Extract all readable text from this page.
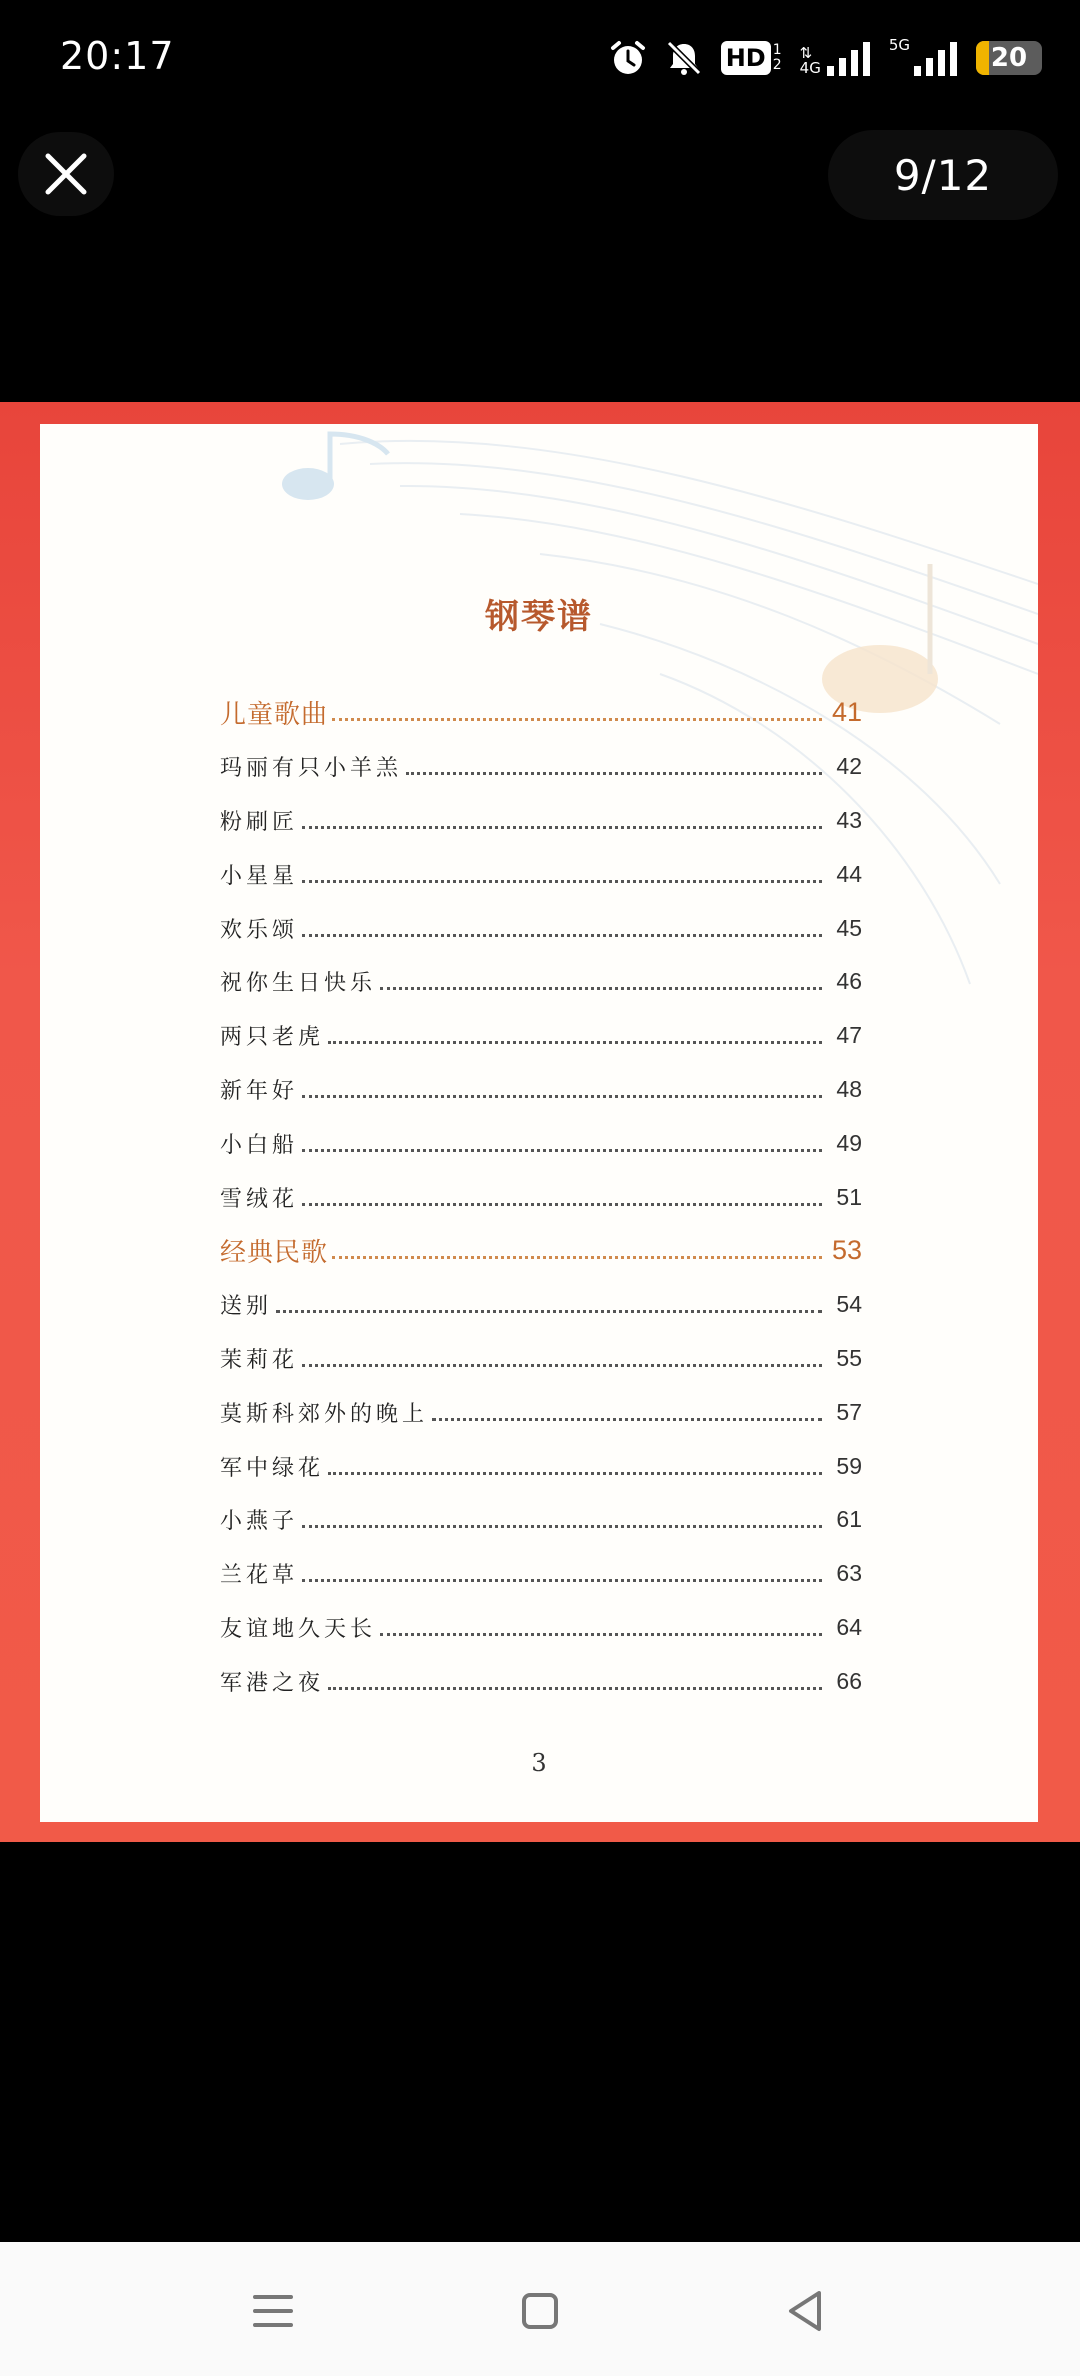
20:17	HD 1
2
⇅
4G
5G	20
9/12
钢琴谱
儿童歌曲	41
玛丽有只小羊羔	42
粉刷匠	43
小星星	44
欢乐颂	45
祝你生日快乐	46
两只老虎	47
新年好	48
小白船	49
雪绒花	51
经典民歌	53
送别	54
茉莉花	55
莫斯科郊外的晚上	57
军中绿花	59
小燕子	61
兰花草	63
友谊地久天长	64
军港之夜	66
3
